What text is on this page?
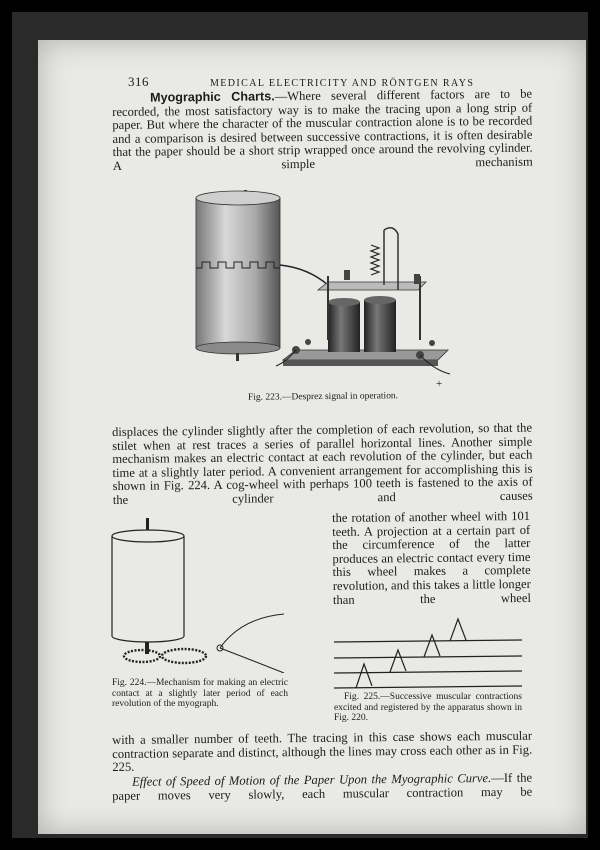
316	MEDICAL ELECTRICITY AND RÖNTGEN RAYS

Myographic Charts.—Where several different factors are to be recorded, the most satisfactory way is to make the tracing upon a long strip of paper. But where the character of the muscular contraction alone is to be recorded and a comparison is desired between successive contractions, it is often desirable that the paper should be a short strip wrapped once around the revolving cylinder. A simple mechanism

+
Fig. 223.—Desprez signal in operation.

displaces the cylinder slightly after the completion of each revolution, so that the stilet when at rest traces a series of parallel horizontal lines. Another simple mechanism makes an electric contact at each revolution of the cylinder, but each time at a slightly later period. A convenient arrangement for accomplishing this is shown in Fig. 224. A cog-wheel with perhaps 100 teeth is fastened to the axis of the cylinder and causes

the rotation of another wheel with 101 teeth. A projection at a certain part of the circumference of the latter produces an electric contact every time this wheel makes a complete revolution, and this takes a little longer than the wheel

Fig. 224.—Mechanism for making an electric contact at a slightly later period of each revolution of the myograph.
Fig. 225.—Successive muscular contractions excited and registered by the apparatus shown in Fig. 220.

with a smaller number of teeth. The tracing in this case shows each muscular contraction separate and distinct, although the lines may cross each other as in Fig. 225.

Effect of Speed of Motion of the Paper Upon the Myographic Curve.—If the paper moves very slowly, each muscular contraction may be
